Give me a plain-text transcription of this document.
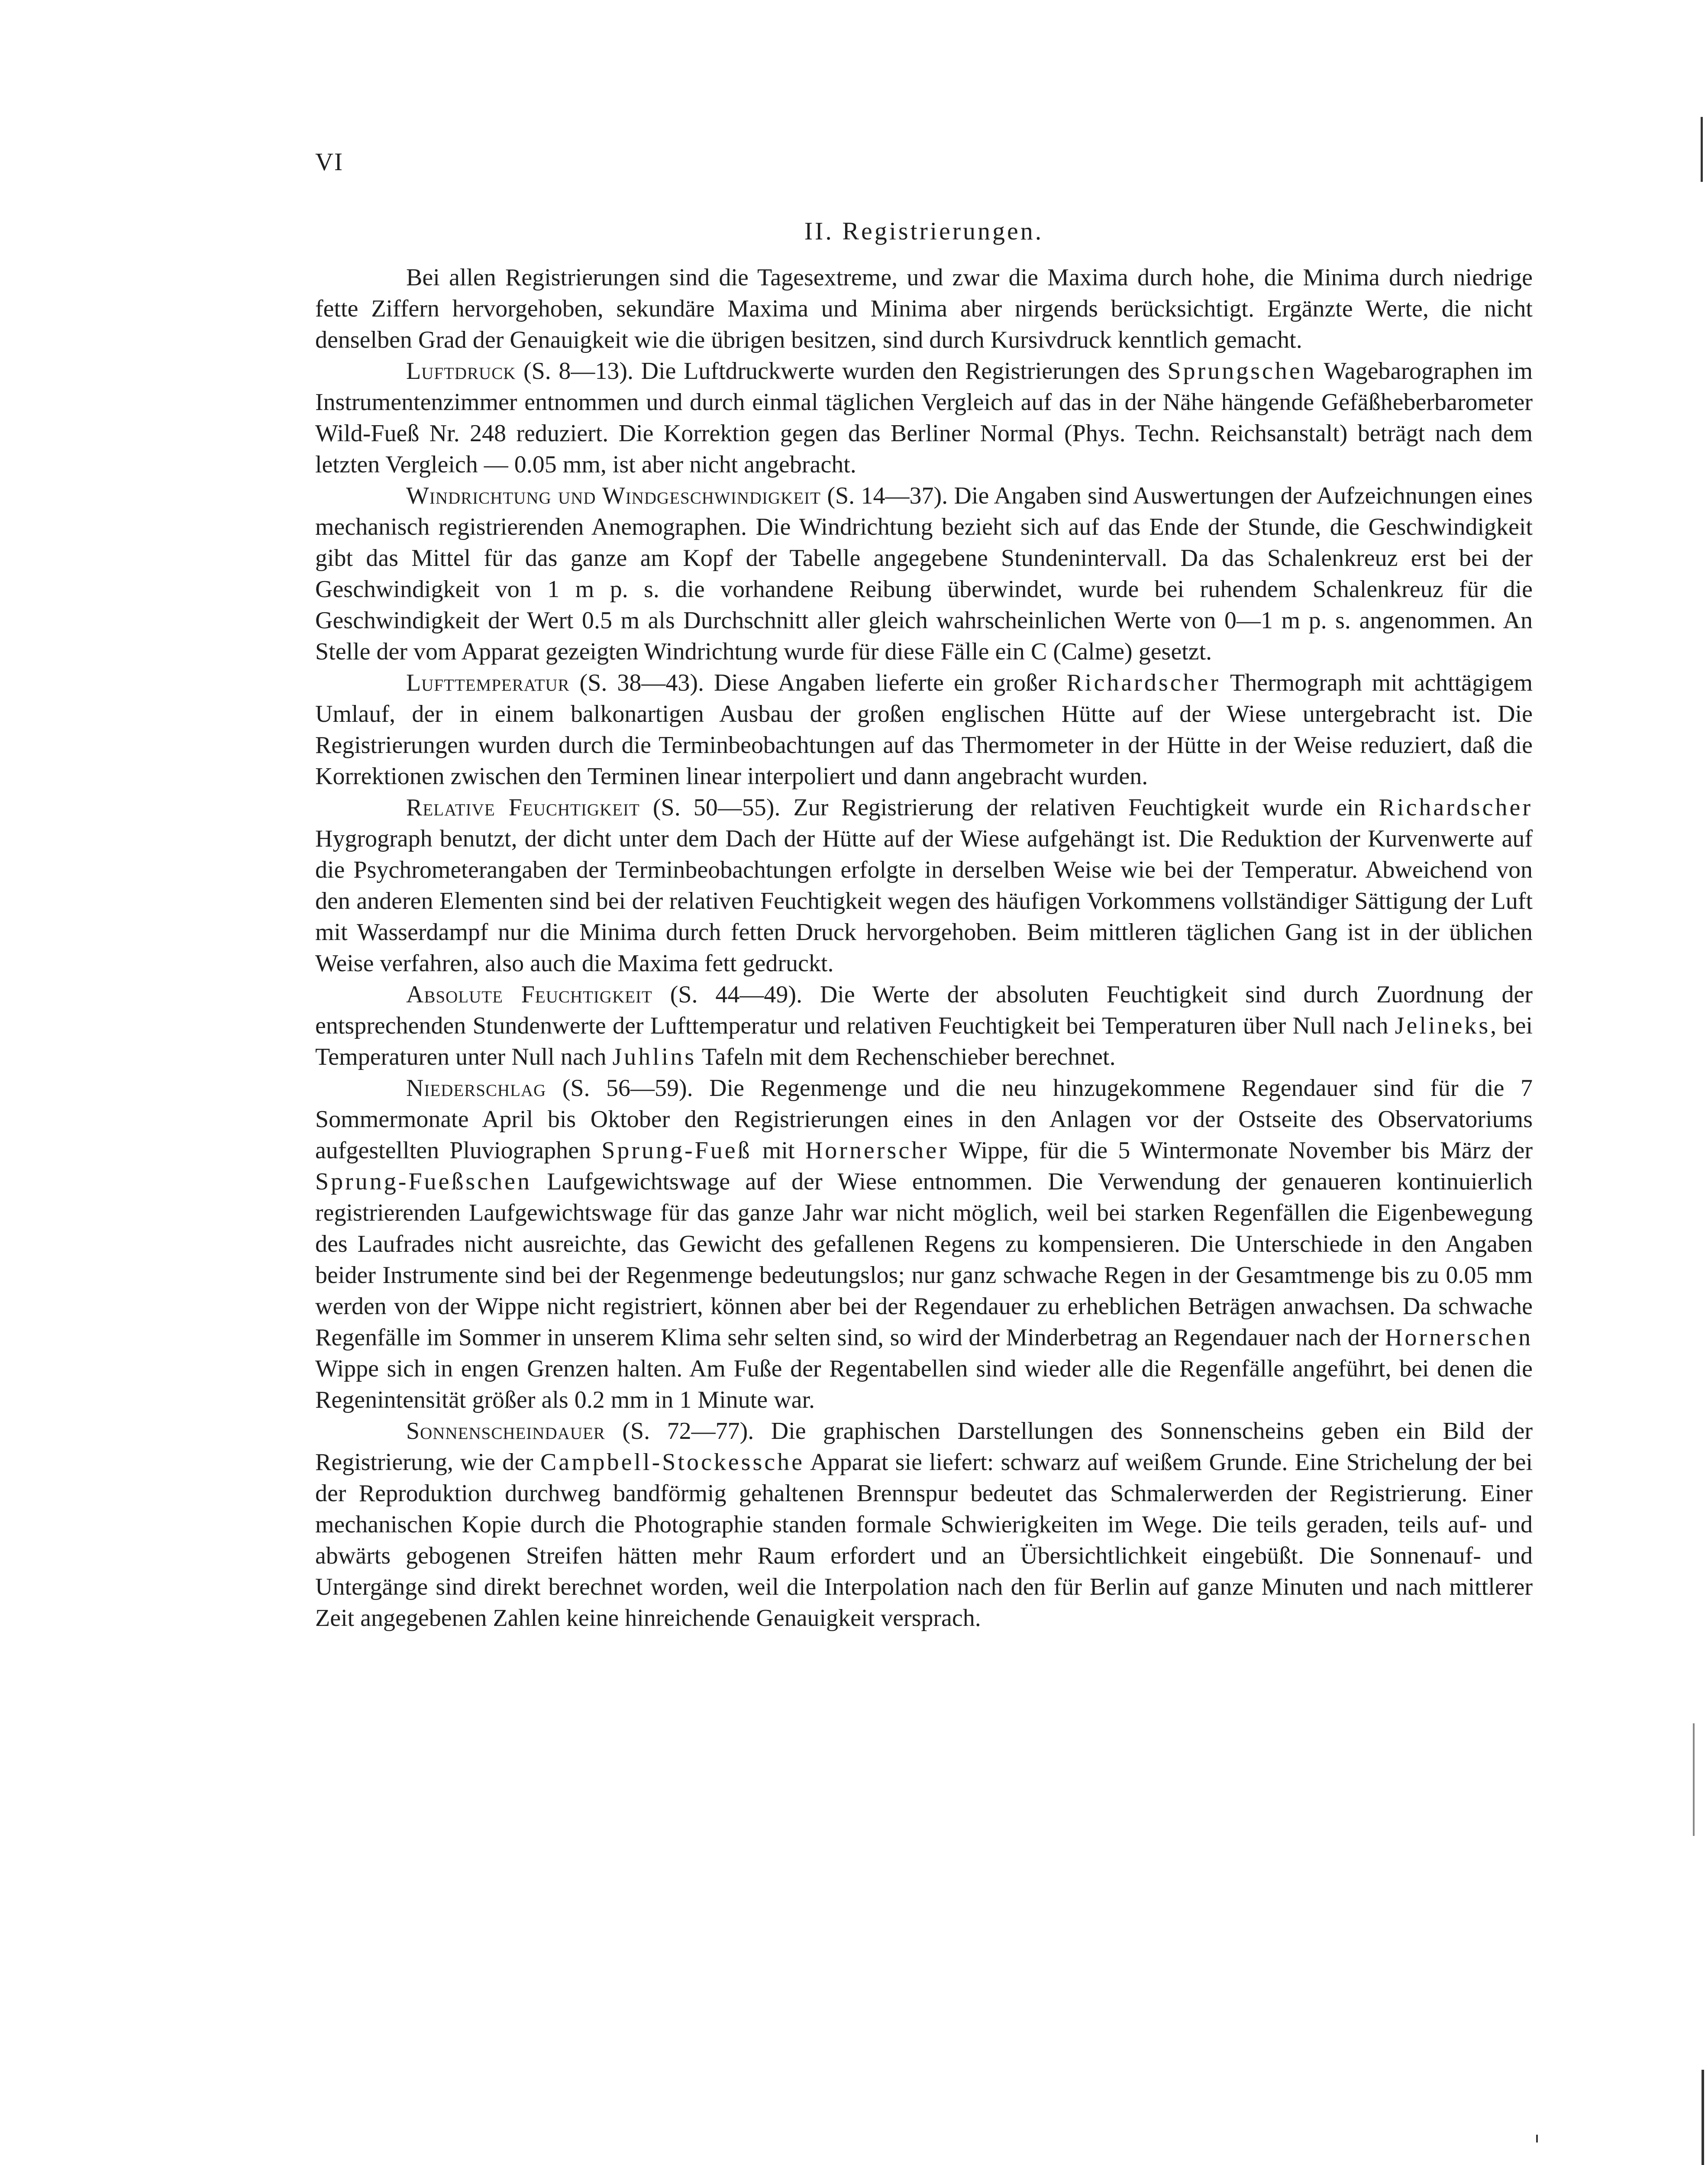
VI
II. Registrierungen.

Bei allen Registrierungen sind die Tagesextreme, und zwar die Maxima durch hohe, die Minima durch niedrige fette Ziffern hervorgehoben, sekundäre Maxima und Minima aber nirgends berücksichtigt. Ergänzte Werte, die nicht denselben Grad der Genauigkeit wie die übrigen besitzen, sind durch Kursivdruck kenntlich gemacht.

Luftdruck (S. 8—13). Die Luftdruckwerte wurden den Registrierungen des Sprungschen Wagebarographen im Instrumentenzimmer entnommen und durch einmal täglichen Vergleich auf das in der Nähe hängende Gefäßheberbarometer Wild-Fueß Nr. 248 reduziert. Die Korrektion gegen das Berliner Normal (Phys. Techn. Reichsanstalt) beträgt nach dem letzten Vergleich — 0.05 mm, ist aber nicht angebracht.

Windrichtung und Windgeschwindigkeit (S. 14—37). Die Angaben sind Auswertungen der Aufzeichnungen eines mechanisch registrierenden Anemographen. Die Windrichtung bezieht sich auf das Ende der Stunde, die Geschwindigkeit gibt das Mittel für das ganze am Kopf der Tabelle angegebene Stundenintervall. Da das Schalenkreuz erst bei der Geschwindigkeit von 1 m p. s. die vorhandene Reibung überwindet, wurde bei ruhendem Schalenkreuz für die Geschwindigkeit der Wert 0.5 m als Durchschnitt aller gleich wahrscheinlichen Werte von 0—1 m p. s. angenommen. An Stelle der vom Apparat gezeigten Windrichtung wurde für diese Fälle ein C (Calme) gesetzt.

Lufttemperatur (S. 38—43). Diese Angaben lieferte ein großer Richardscher Thermograph mit achttägigem Umlauf, der in einem balkonartigen Ausbau der großen englischen Hütte auf der Wiese untergebracht ist. Die Registrierungen wurden durch die Terminbeobachtungen auf das Thermometer in der Hütte in der Weise reduziert, daß die Korrektionen zwischen den Terminen linear interpoliert und dann angebracht wurden.

Relative Feuchtigkeit (S. 50—55). Zur Registrierung der relativen Feuchtigkeit wurde ein Richardscher Hygrograph benutzt, der dicht unter dem Dach der Hütte auf der Wiese aufgehängt ist. Die Reduktion der Kurvenwerte auf die Psychrometerangaben der Terminbeobachtungen erfolgte in derselben Weise wie bei der Temperatur. Abweichend von den anderen Elementen sind bei der relativen Feuchtigkeit wegen des häufigen Vorkommens vollständiger Sättigung der Luft mit Wasserdampf nur die Minima durch fetten Druck hervorgehoben. Beim mittleren täglichen Gang ist in der üblichen Weise verfahren, also auch die Maxima fett gedruckt.

Absolute Feuchtigkeit (S. 44—49). Die Werte der absoluten Feuchtigkeit sind durch Zuordnung der entsprechenden Stundenwerte der Lufttemperatur und relativen Feuchtigkeit bei Temperaturen über Null nach Jelineks, bei Temperaturen unter Null nach Juhlins Tafeln mit dem Rechenschieber berechnet.

Niederschlag (S. 56—59). Die Regenmenge und die neu hinzugekommene Regendauer sind für die 7 Sommermonate April bis Oktober den Registrierungen eines in den Anlagen vor der Ostseite des Observatoriums aufgestellten Pluviographen Sprung-Fueß mit Hornerscher Wippe, für die 5 Wintermonate November bis März der Sprung-Fueßschen Laufgewichtswage auf der Wiese entnommen. Die Verwendung der genaueren kontinuierlich registrierenden Laufgewichtswage für das ganze Jahr war nicht möglich, weil bei starken Regenfällen die Eigenbewegung des Laufrades nicht ausreichte, das Gewicht des gefallenen Regens zu kompensieren. Die Unterschiede in den Angaben beider Instrumente sind bei der Regenmenge bedeutungslos; nur ganz schwache Regen in der Gesamtmenge bis zu 0.05 mm werden von der Wippe nicht registriert, können aber bei der Regendauer zu erheblichen Beträgen anwachsen. Da schwache Regenfälle im Sommer in unserem Klima sehr selten sind, so wird der Minderbetrag an Regendauer nach der Hornerschen Wippe sich in engen Grenzen halten. Am Fuße der Regentabellen sind wieder alle die Regenfälle angeführt, bei denen die Regenintensität größer als 0.2 mm in 1 Minute war.

Sonnenscheindauer (S. 72—77). Die graphischen Darstellungen des Sonnenscheins geben ein Bild der Registrierung, wie der Campbell-Stockessche Apparat sie liefert: schwarz auf weißem Grunde. Eine Strichelung der bei der Reproduktion durchweg bandförmig gehaltenen Brennspur bedeutet das Schmalerwerden der Registrierung. Einer mechanischen Kopie durch die Photographie standen formale Schwierigkeiten im Wege. Die teils geraden, teils auf- und abwärts gebogenen Streifen hätten mehr Raum erfordert und an Übersichtlichkeit eingebüßt. Die Sonnenauf- und Untergänge sind direkt berechnet worden, weil die Interpolation nach den für Berlin auf ganze Minuten und nach mittlerer Zeit angegebenen Zahlen keine hinreichende Genauigkeit versprach.
